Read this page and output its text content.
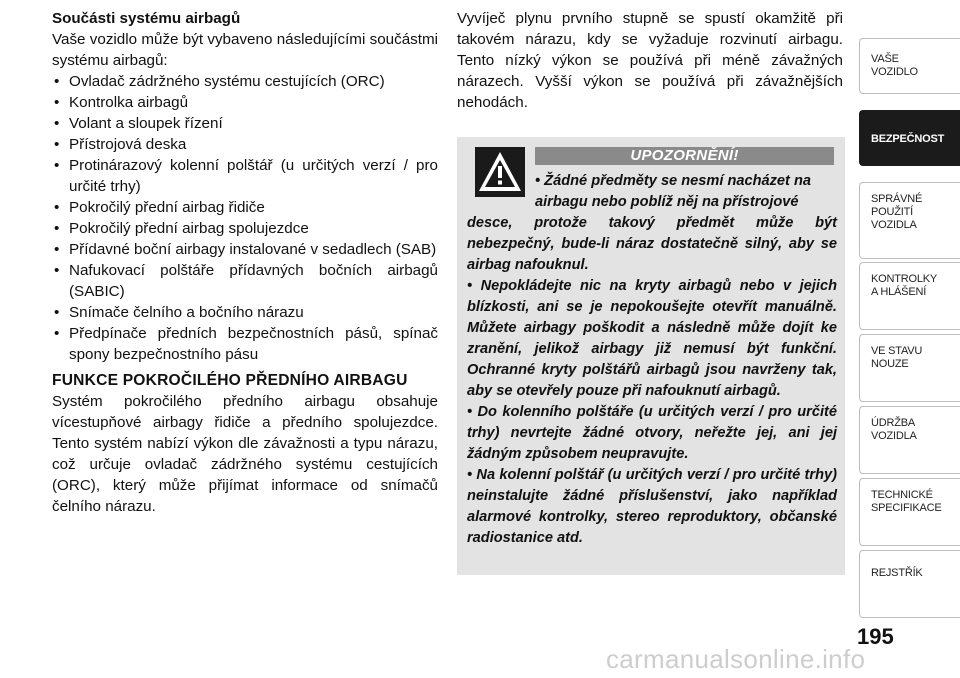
Součásti systému airbagů

Vaše vozidlo může být vybaveno následujícími součástmi systému airbagů:

• Ovladač zádržného systému cestujících (ORC)
• Kontrolka airbagů
• Volant a sloupek řízení
• Přístrojová deska
• Protinárazový kolenní polštář (u určitých verzí / pro určité trhy)
• Pokročilý přední airbag řidiče
• Pokročilý přední airbag spolujezdce
• Přídavné boční airbagy instalované v sedadlech (SAB)
• Nafukovací polštáře přídavných bočních airbagů (SABIC)
• Snímače čelního a bočního nárazu
• Předpínače předních bezpečnostních pásů, spínač spony bezpečnostního pásu

FUNKCE POKROČILÉHO PŘEDNÍHO AIRBAGU

Systém pokročilého předního airbagu obsahuje vícestupňové airbagy řidiče a předního spolujezdce. Tento systém nabízí výkon dle závažnosti a typu nárazu, což určuje ovladač zádržného systému cestujících (ORC), který může přijímat informace od snímačů čelního nárazu.

Vyvíječ plynu prvního stupně se spustí okamžitě při takovém nárazu, kdy se vyžaduje rozvinutí airbagu. Tento nízký výkon se používá při méně závažných nárazech. Vyšší výkon se používá při závažnějších nehodách.

UPOZORNĚNÍ!

• Žádné předměty se nesmí nacházet na

airbagu nebo poblíž něj na přístrojové

desce, protože takový předmět může být nebezpečný, bude-li náraz dostatečně silný, aby se airbag nafouknul.

• Nepokládejte nic na kryty airbagů nebo v jejich blízkosti, ani se je nepokoušejte otevřít manuálně. Můžete airbagy poškodit a následně může dojít ke zranění, jelikož airbagy již nemusí být funkční. Ochranné kryty polštářů airbagů jsou navrženy tak, aby se otevřely pouze při nafouknutí airbagů.

• Do kolenního polštáře (u určitých verzí / pro určité trhy) nevrtejte žádné otvory, neřežte jej, ani jej žádným způsobem neupravujte.

• Na kolenní polštář (u určitých verzí / pro určité trhy) neinstalujte žádné příslušenství, jako například alarmové kontrolky, stereo reproduktory, občanské radiostanice atd.

VAŠE
VOZIDLO
BEZPEČNOST
SPRÁVNÉ
POUŽITÍ
VOZIDLA
KONTROLKY
A HLÁŠENÍ
VE STAVU
NOUZE
ÚDRŽBA
VOZIDLA
TECHNICKÉ
SPECIFIKACE
REJSTŘÍK
195
carmanualsonline.info
